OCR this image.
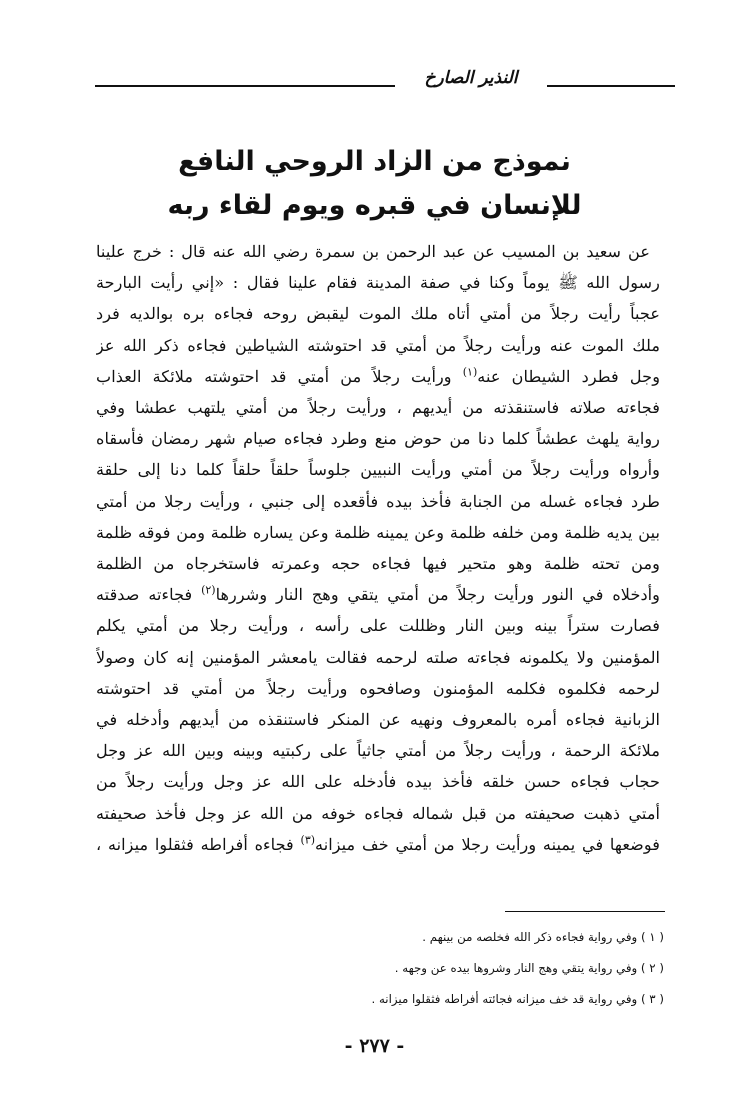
النذير الصارخ
نموذج من الزاد الروحي النافع
للإنسان في قبره ويوم لقاء ربه
عن سعيد بن المسيب عن عبد الرحمن بن سمرة رضي الله عنه قال : خرج علينا
رسول الله ﷺ يوماً وكنا في صفة المدينة فقام علينا فقال : «إني رأيت البارحة
عجباً رأيت رجلاً من أمتي أتاه ملك الموت ليقبض روحه فجاءه بره بوالديه فرد
ملك الموت عنه ورأيت رجلاً من أمتي قد احتوشته الشياطين فجاءه ذكر الله عز
وجل فطرد الشيطان عنه$^{(١)}$ ورأيت رجلاً من أمتي قد احتوشته ملائكة العذاب
فجاءته صلاته فاستنقذته من أيديهم ، ورأيت رجلاً من أمتي يلتهب عطشا وفي
رواية يلهث عطشاً كلما دنا من حوض منع وطرد فجاءه صيام شهر رمضان فأسقاه
وأرواه ورأيت رجلاً من أمتي ورأيت النبيين جلوساً حلقاً حلقاً كلما دنا إلى حلقة
طرد فجاءه غسله من الجنابة فأخذ بيده فأقعده إلى جنبي ، ورأيت رجلا من أمتي
بين يديه ظلمة ومن خلفه ظلمة وعن يمينه ظلمة وعن يساره ظلمة ومن فوقه ظلمة
ومن تحته ظلمة وهو متحير فيها فجاءه حجه وعمرته فاستخرجاه من الظلمة
وأدخلاه في النور ورأيت رجلاً من أمتي يتقي وهج النار وشررها$^{(٢)}$ فجاءته صدقته
فصارت ستراً بينه وبين النار وظللت على رأسه ، ورأيت رجلا من أمتي يكلم
المؤمنين ولا يكلمونه فجاءته صلته لرحمه فقالت يامعشر المؤمنين إنه كان وصولاً
لرحمه فكلموه فكلمه المؤمنون وصافحوه ورأيت رجلاً من أمتي قد احتوشته
الزبانية فجاءه أمره بالمعروف ونهيه عن المنكر فاستنقذه من أيديهم وأدخله في
ملائكة الرحمة ، ورأيت رجلاً من أمتي جاثياً على ركبتيه وبينه وبين الله عز وجل
حجاب فجاءه حسن خلقه فأخذ بيده فأدخله على الله عز وجل ورأيت رجلاً من
أمتي ذهبت صحيفته من قبل شماله فجاءه خوفه من الله عز وجل فأخذ صحيفته
فوضعها في يمينه ورأيت رجلا من أمتي خف ميزانه$^{(٣)}$ فجاءه أفراطه فثقلوا ميزانه ،
( ١ ) وفي رواية فجاءه ذكر الله فخلصه من بينهم .
( ٢ ) وفي رواية يتقي وهج النار وشروها بيده عن وجهه .
( ٣ ) وفي رواية قد خف ميزانه فجائته أفراطه فثقلوا ميزانه .
- ٢٧٧ -
